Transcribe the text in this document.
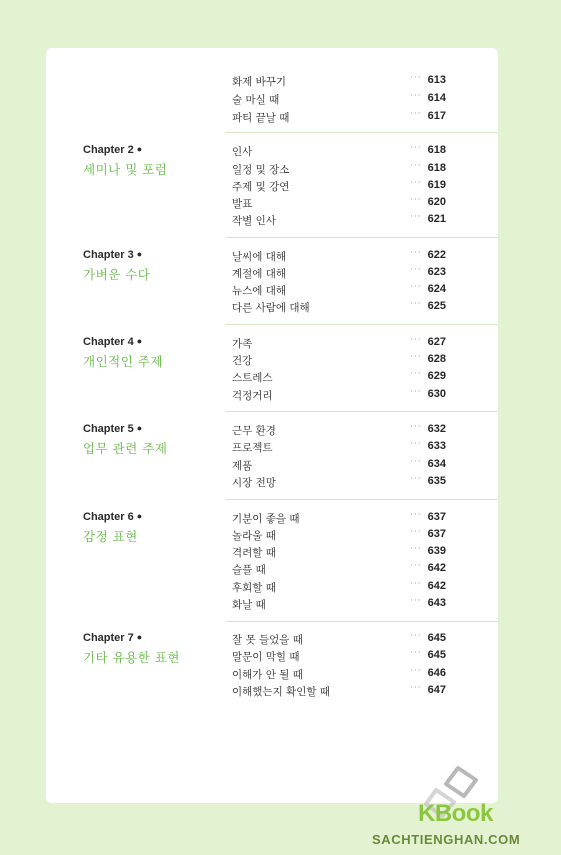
화제 바꾸기	··· 613
술 마실 때	··· 614
파티 끝날 때	··· 617
Chapter 2 ●
세미나 및 포럼
인사	··· 618
일정 및 장소	··· 618
주제 및 강연	··· 619
발표	··· 620
작별 인사	··· 621
Chapter 3 ●
가벼운 수다
날씨에 대해	··· 622
계절에 대해	··· 623
뉴스에 대해	··· 624
다른 사람에 대해	··· 625
Chapter 4 ●
개인적인 주제
가족	··· 627
건강	··· 628
스트레스	··· 629
걱정거리	··· 630
Chapter 5 ●
업무 관련 주제
근무 환경	··· 632
프로젝트	··· 633
제품	··· 634
시장 전망	··· 635
Chapter 6 ●
감정 표현
기분이 좋을 때	··· 637
놀라울 때	··· 637
격려할 때	··· 639
슬플 때	··· 642
후회할 때	··· 642
화날 때	··· 643
Chapter 7 ●
기타 유용한 표현
잘 못 들었을 때	··· 645
말문이 막힐 때	··· 645
이해가 안 될 때	··· 646
이해했는지 확인할 때	··· 647
KBook
SACHTIENGHAN.COM
